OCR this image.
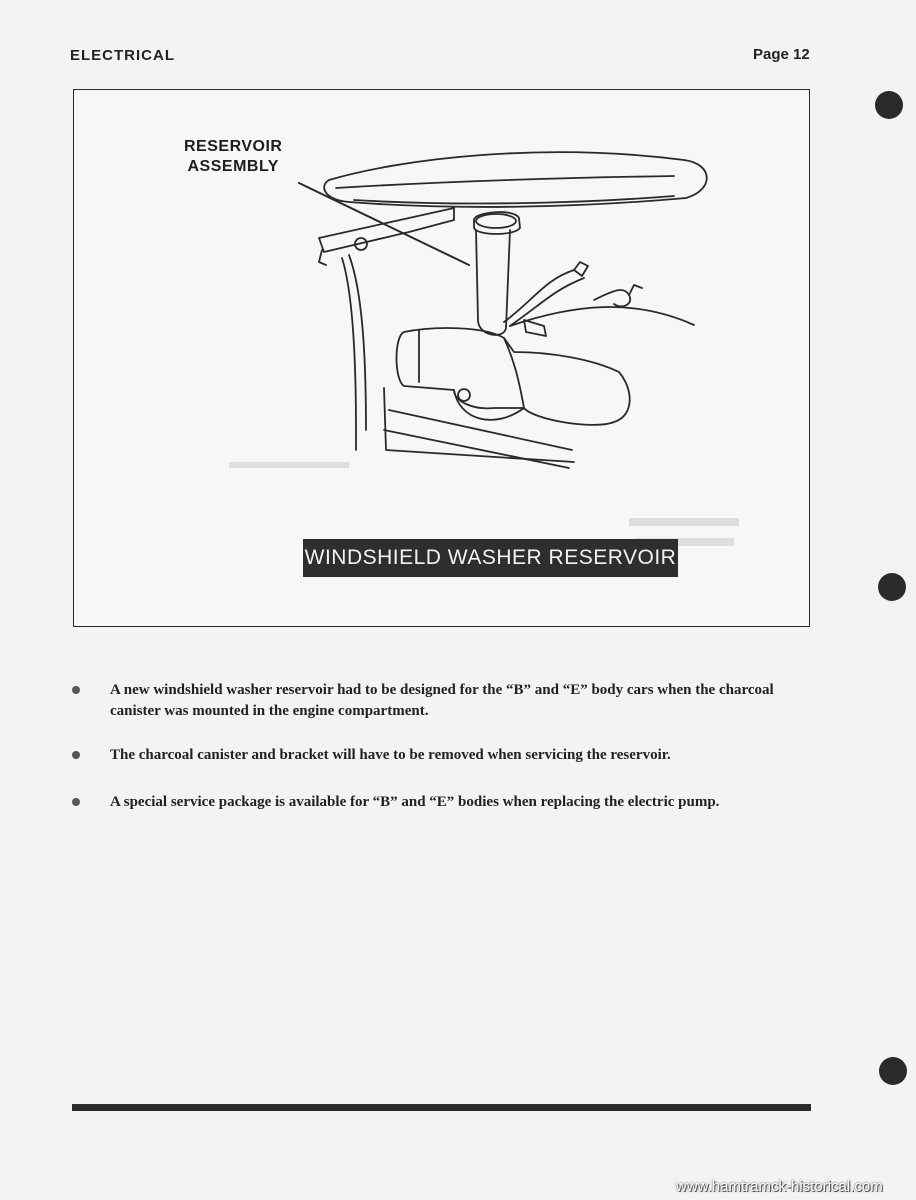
ELECTRICAL	Page 12
RESERVOIR
ASSEMBLY
WINDSHIELD WASHER RESERVOIR
A new windshield washer reservoir had to be designed for the “B” and “E” body cars when the charcoal canister was mounted in the engine compartment.
The charcoal canister and bracket will have to be removed when servicing the reservoir.
A special service package is available for “B” and “E” bodies when replacing the electric pump.
www.hamtramck-historical.com
